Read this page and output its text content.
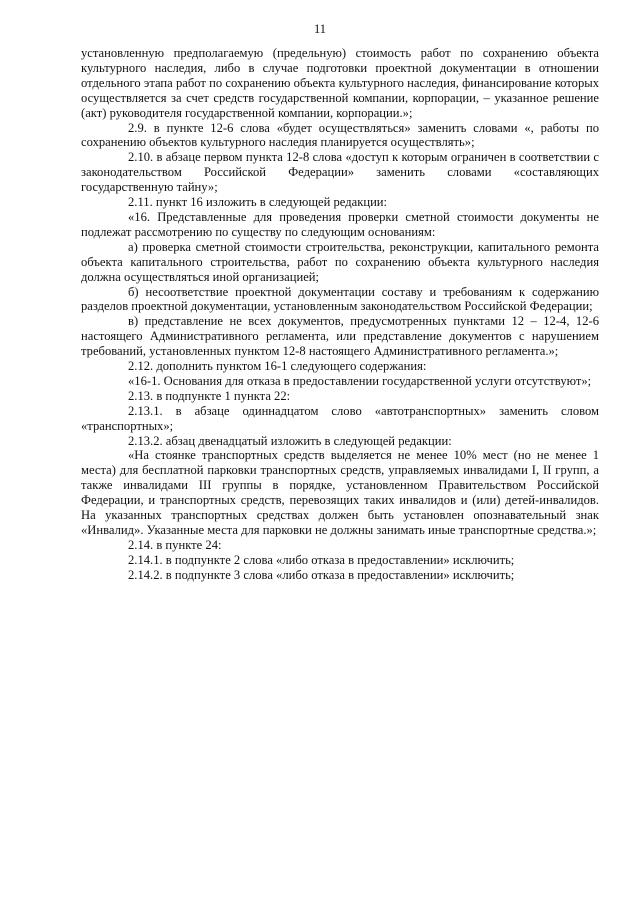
11

установленную предполагаемую (предельную) стоимость работ по сохранению объекта культурного наследия, либо в случае подготовки проектной документации в отношении отдельного этапа работ по сохранению объекта культурного наследия, финансирование которых осуществляется за счет средств государственной компании, корпорации, – указанное решение (акт) руководителя государственной компании, корпорации.»;

2.9. в пункте 12-6 слова «будет осуществляться» заменить словами «, работы по сохранению объектов культурного наследия планируется осуществлять»;

2.10. в абзаце первом пункта 12-8 слова «доступ к которым ограничен в соответствии с законодательством Российской Федерации» заменить словами «составляющих государственную тайну»;

2.11. пункт 16 изложить в следующей редакции:

«16. Представленные для проведения проверки сметной стоимости документы не подлежат рассмотрению по существу по следующим основаниям:

а) проверка сметной стоимости строительства, реконструкции, капитального ремонта объекта капитального строительства, работ по сохранению объекта культурного наследия должна осуществляться иной организацией;

б) несоответствие проектной документации составу и требованиям к содержанию разделов проектной документации, установленным законодательством Российской Федерации;

в) представление не всех документов, предусмотренных пунктами 12 – 12-4, 12-6 настоящего Административного регламента, или представление документов с нарушением требований, установленных пунктом 12-8 настоящего Административного регламента.»;

2.12. дополнить пунктом 16-1 следующего содержания:

«16-1. Основания для отказа в предоставлении государственной услуги отсутствуют»;

2.13. в подпункте 1 пункта 22:

2.13.1. в абзаце одиннадцатом слово «автотранспортных» заменить словом «транспортных»;

2.13.2. абзац двенадцатый изложить в следующей редакции:

«На стоянке транспортных средств выделяется не менее 10% мест (но не менее 1 места) для бесплатной парковки транспортных средств, управляемых инвалидами I, II групп, а также инвалидами III группы в порядке, установленном Правительством Российской Федерации, и транспортных средств, перевозящих таких инвалидов и (или) детей-инвалидов. На указанных транспортных средствах должен быть установлен опознавательный знак «Инвалид». Указанные места для парковки не должны занимать иные транспортные средства.»;

2.14. в пункте 24:

2.14.1. в подпункте 2 слова «либо отказа в предоставлении» исключить;

2.14.2. в подпункте 3 слова «либо отказа в предоставлении» исключить;
